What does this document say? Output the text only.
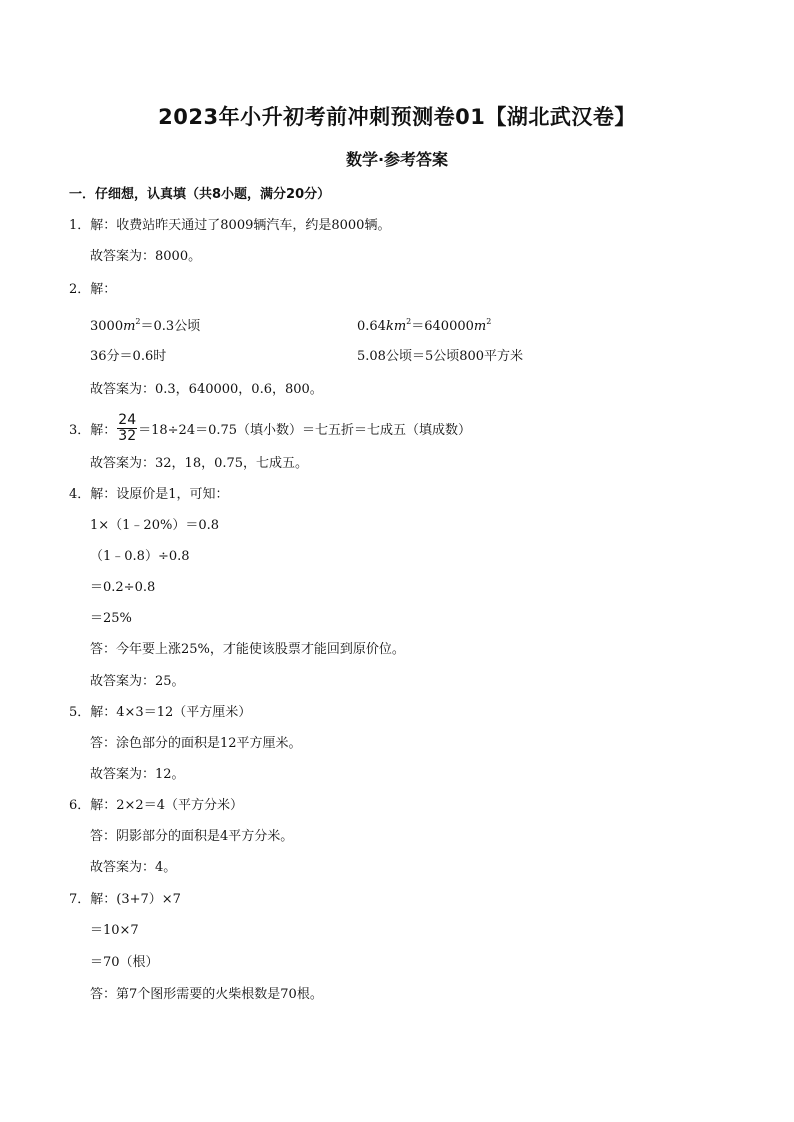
2023年小升初考前冲刺预测卷01【湖北武汉卷】
数学·参考答案
一．仔细想，认真填（共8小题，满分20分）
1．解：收费站昨天通过了8009辆汽车，约是8000辆。
故答案为：8000。
2．解：
$3000m^2=0.3$公顷	$0.64km^2=640000m^2$
36分＝0.6时	5.08公顷＝5公顷800平方米
故答案为：0.3，640000，0.6，800。
3．解： $\frac{24}{32} =18\div 24=0.75$（填小数）＝七五折＝七成五（填成数）
故答案为：32，18，0.75，七成五。
4．解：设原价是1，可知：
1×（1﹣20%）＝0.8
（1﹣0.8）÷0.8
＝0.2÷0.8
＝25%
答：今年要上涨25%，才能使该股票才能回到原价位。
故答案为：25。
5．解：4×3＝12（平方厘米）
答：涂色部分的面积是12平方厘米。
故答案为：12。
6．解：2×2＝4（平方分米）
答：阴影部分的面积是4平方分米。
故答案为：4。
7．解：(3+7）×7
＝10×7
＝70（根）
答：第7个图形需要的火柴根数是70根。
